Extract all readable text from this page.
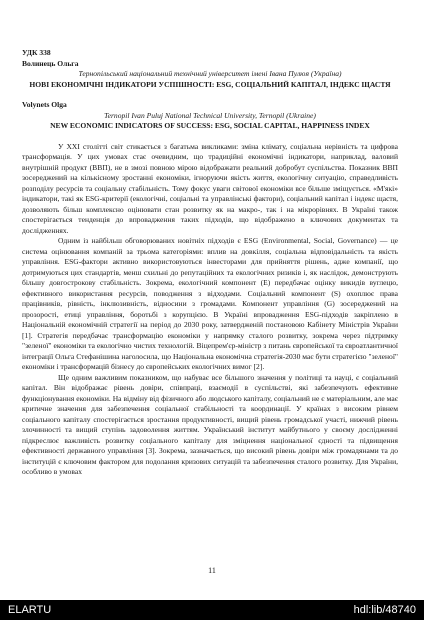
УДК 338

Волинець Ольга

Тернопільський національний технічний університет імені Івана Пулюя (Україна)

НОВІ ЕКОНОМІЧНІ ІНДИКАТОРИ УСПІШНОСТІ: ESG, СОЦІАЛЬНИЙ КАПІТАЛ, ІНДЕКС ЩАСТЯ

Volynets Olga

Ternopil Ivan Puluj National Technical University, Ternopil (Ukraine)

NEW ECONOMIC INDICATORS OF SUCCESS: ESG, SOCIAL CAPITAL, HAPPINESS INDEX

У XXI столітті світ стикається з багатьма викликами: зміна клімату, соціальна нерівність та цифрова трансформація. У цих умовах стає очевидним, що традиційні економічні індикатори, наприклад, валовий внутрішній продукт (ВВП), не в змозі повною мірою відображати реальний добробут суспільства. Показник ВВП зосереджений на кількісному зростанні економіки, ігноруючи якість життя, екологічну ситуацію, справедливість розподілу ресурсів та соціальну стабільність. Тому фокус уваги світової економіки все більше зміщується. «М'які» індикатори, такі як ESG-критерії (екологічні, соціальні та управлінські фактори), соціальний капітал і індекс щастя, дозволяють більш комплексно оцінювати стан розвитку як на макро-, так і на мікрорівнях. В Україні також спостерігається тенденція до впровадження таких підходів, що відображено в ключових документах та дослідженнях.

Одним із найбільш обговорюваних новітніх підходів є ESG (Environmental, Social, Governance) — це система оцінювання компаній за трьома категоріями: вплив на довкілля, соціальна відповідальність та якість управління. ESG-фактори активно використовуються інвесторами для прийняття рішень, адже компанії, що дотримуються цих стандартів, менш схильні до репутаційних та екологічних ризиків і, як наслідок, демонструють більшу довгострокову стабільність. Зокрема, екологічний компонент (E) передбачає оцінку викидів вуглецю, ефективного використання ресурсів, поводження з відходами. Соціальний компонент (S) охоплює права працівників, рівність, інклюзивність, відносини з громадами. Компонент управління (G) зосереджений на прозорості, етиці управління, боротьбі з корупцією. В Україні впровадження ESG-підходів закріплено в Національній економічній стратегії на період до 2030 року, затвердженій постановою Кабінету Міністрів України [1]. Стратегія передбачає трансформацію економіки у напрямку сталого розвитку, зокрема через підтримку "зеленої" економіки та екологічно чистих технологій. Віцепрем'єр-міністр з питань європейської та євроатлантичної інтеграції Ольга Стефанішина наголосила, що Національна економічна стратегія-2030 має бути стратегією "зеленої" економіки і трансформацій бізнесу до європейських екологічних вимог [2].

Ще одним важливим показником, що набуває все більшого значення у політиці та науці, є соціальний капітал. Він відображає рівень довіри, співпраці, взаємодії в суспільстві, які забезпечують ефективне функціонування економіки. На відміну від фізичного або людського капіталу, соціальний не є матеріальним, але має критичне значення для забезпечення соціальної стабільності та координації. У країнах з високим рівнем соціального капіталу спостерігається зростання продуктивності, вищий рівень громадської участі, нижчий рівень злочинності та вищий ступінь задоволення життям. Український інститут майбутнього у своєму дослідженні підкреслює важливість розвитку соціального капіталу для зміцнення національної єдності та підвищення ефективності державного управління [3]. Зокрема, зазначається, що високий рівень довіри між громадянами та до інституцій є ключовим фактором для подолання кризових ситуацій та забезпечення сталого розвитку. Для України, особливо в умовах

11
ELARTU	hdl:lib/48740
